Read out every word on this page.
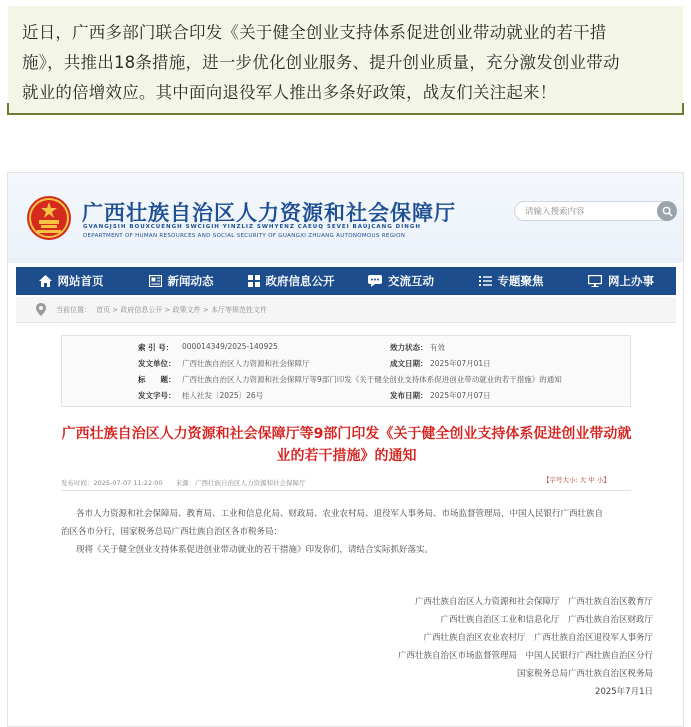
近日，广西多部门联合印发《关于健全创业支持体系促进创业带动就业的若干措
施》，共推出18条措施，进一步优化创业服务、提升创业质量，充分激发创业带动
就业的倍增效应。其中面向退役军人推出多条好政策，战友们关注起来！
广西壮族自治区人力资源和社会保障厅
GVANGJSIH BOUXCUENGH SWCIGIH YINZLIZ SWHYENZ CAEUQ SEVEI BAUJCANG DINGH
DEPARTMENT OF HUMAN RESOURCES AND SOCIAL SECURITY OF GUANGXI ZHUANG AUTONOMOUS REGION
请输入搜索内容
网站首页	新闻动态	政府信息公开	交流互动	专题聚焦	网上办事
当前位置： 首页 > 政府信息公开 > 政策文件 > 本厅等规范性文件
索 引 号： 000014349/2025-140925	效力状态： 有效
发文单位： 广西壮族自治区人力资源和社会保障厅	成文日期： 2025年07月01日
标　　题： 广西壮族自治区人力资源和社会保障厅等9部门印发《关于健全创业支持体系促进创业带动就业的若干措施》的通知
发文字号： 桂人社发〔2025〕26号	发布日期： 2025年07月07日
广西壮族自治区人力资源和社会保障厅等9部门印发《关于健全创业支持体系促进创业带动就
业的若干措施》的通知
发布时间：2025-07-07 11:22:00　　来源：广西壮族自治区人力资源和社会保障厅	【字号大小: 大 中 小】
各市人力资源和社会保障局、教育局、工业和信息化局、财政局、农业农村局、退役军人事务局、市场监督管理局，中国人民银行广西壮族自
治区各市分行，国家税务总局广西壮族自治区各市税务局：
现将《关于健全创业支持体系促进创业带动就业的若干措施》印发你们，请结合实际抓好落实。
广西壮族自治区人力资源和社会保障厅　广西壮族自治区教育厅
广西壮族自治区工业和信息化厅　广西壮族自治区财政厅
广西壮族自治区农业农村厅　广西壮族自治区退役军人事务厅
广西壮族自治区市场监督管理局　中国人民银行广西壮族自治区分行
国家税务总局广西壮族自治区税务局
2025年7月1日
